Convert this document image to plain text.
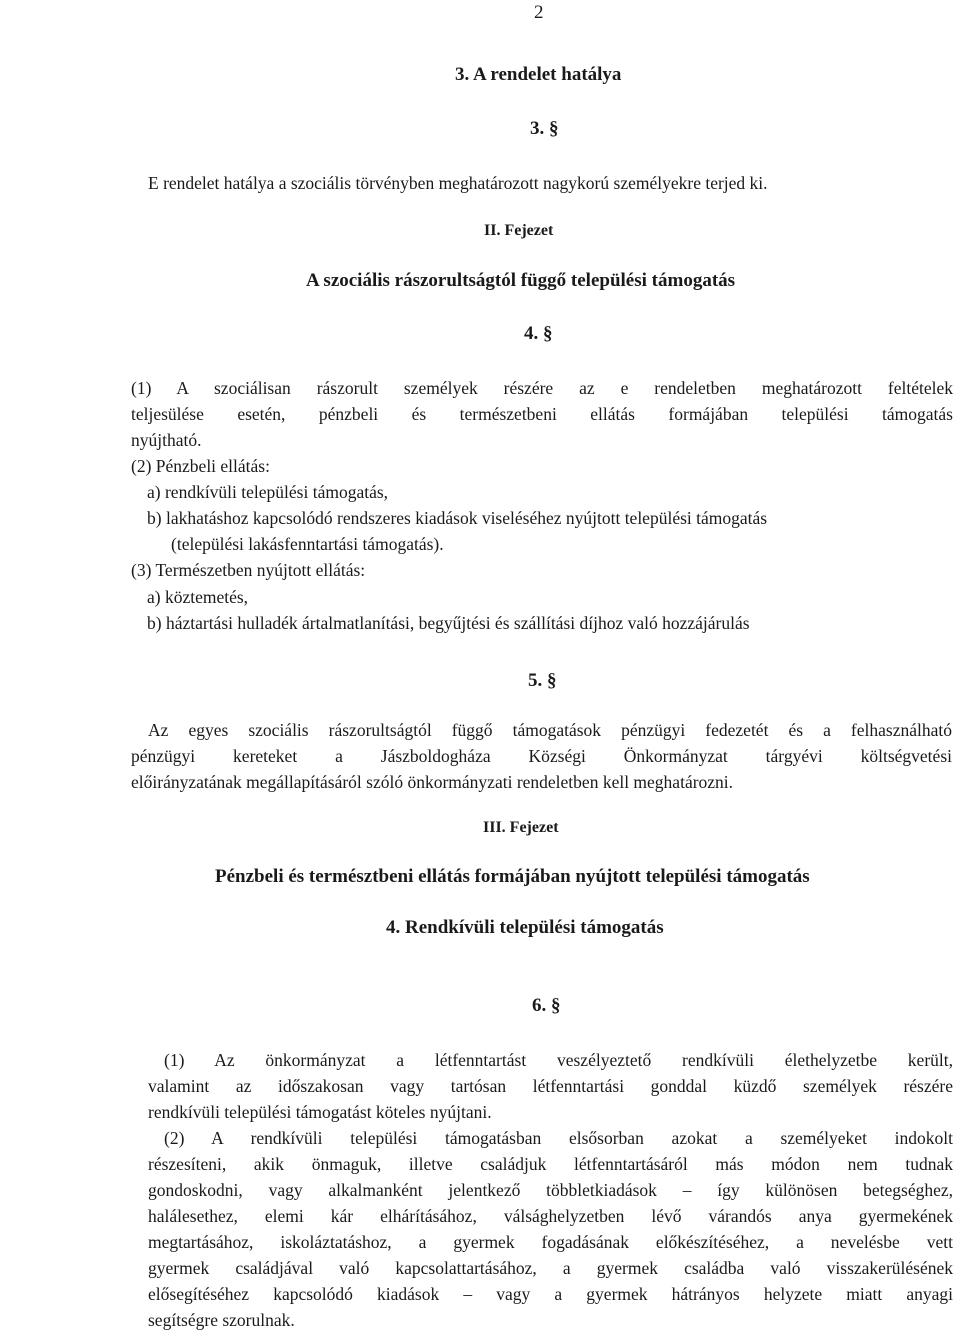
2
3. A rendelet hatálya
3. §
E rendelet hatálya a szociális törvényben meghatározott nagykorú személyekre terjed ki.
II. Fejezet
A szociális rászorultságtól függő települési támogatás
4. §
(1) A szociálisan rászorult személyek részére az e rendeletben meghatározott feltételek
teljesülése esetén, pénzbeli és természetbeni ellátás formájában települési támogatás
nyújtható.
(2) Pénzbeli ellátás:
a) rendkívüli települési támogatás,
b) lakhatáshoz kapcsolódó rendszeres kiadások viseléséhez nyújtott települési támogatás
(települési lakásfenntartási támogatás).
(3) Természetben nyújtott ellátás:
a) köztemetés,
b) háztartási hulladék ártalmatlanítási, begyűjtési és szállítási díjhoz való hozzájárulás
5. §
Az egyes szociális rászorultságtól függő támogatások pénzügyi fedezetét és a felhasználható
pénzügyi kereteket a Jászboldogháza Községi Önkormányzat tárgyévi költségvetési
előirányzatának megállapításáról szóló önkormányzati rendeletben kell meghatározni.
III. Fejezet
Pénzbeli és természtbeni ellátás formájában nyújtott települési támogatás
4. Rendkívüli települési támogatás
6. §
(1) Az önkormányzat a létfenntartást veszélyeztető rendkívüli élethelyzetbe került,
valamint az időszakosan vagy tartósan létfenntartási gonddal küzdő személyek részére
rendkívüli települési támogatást köteles nyújtani.
(2) A rendkívüli települési támogatásban elsősorban azokat a személyeket indokolt
részesíteni, akik önmaguk, illetve családjuk létfenntartásáról más módon nem tudnak
gondoskodni, vagy alkalmanként jelentkező többletkiadások – így különösen betegséghez,
halálesethez, elemi kár elhárításához, válsághelyzetben lévő várandós anya gyermekének
megtartásához, iskoláztatáshoz, a gyermek fogadásának előkészítéséhez, a nevelésbe vett
gyermek családjával való kapcsolattartásához, a gyermek családba való visszakerülésének
elősegítéséhez kapcsolódó kiadások – vagy a gyermek hátrányos helyzete miatt anyagi
segítségre szorulnak.
